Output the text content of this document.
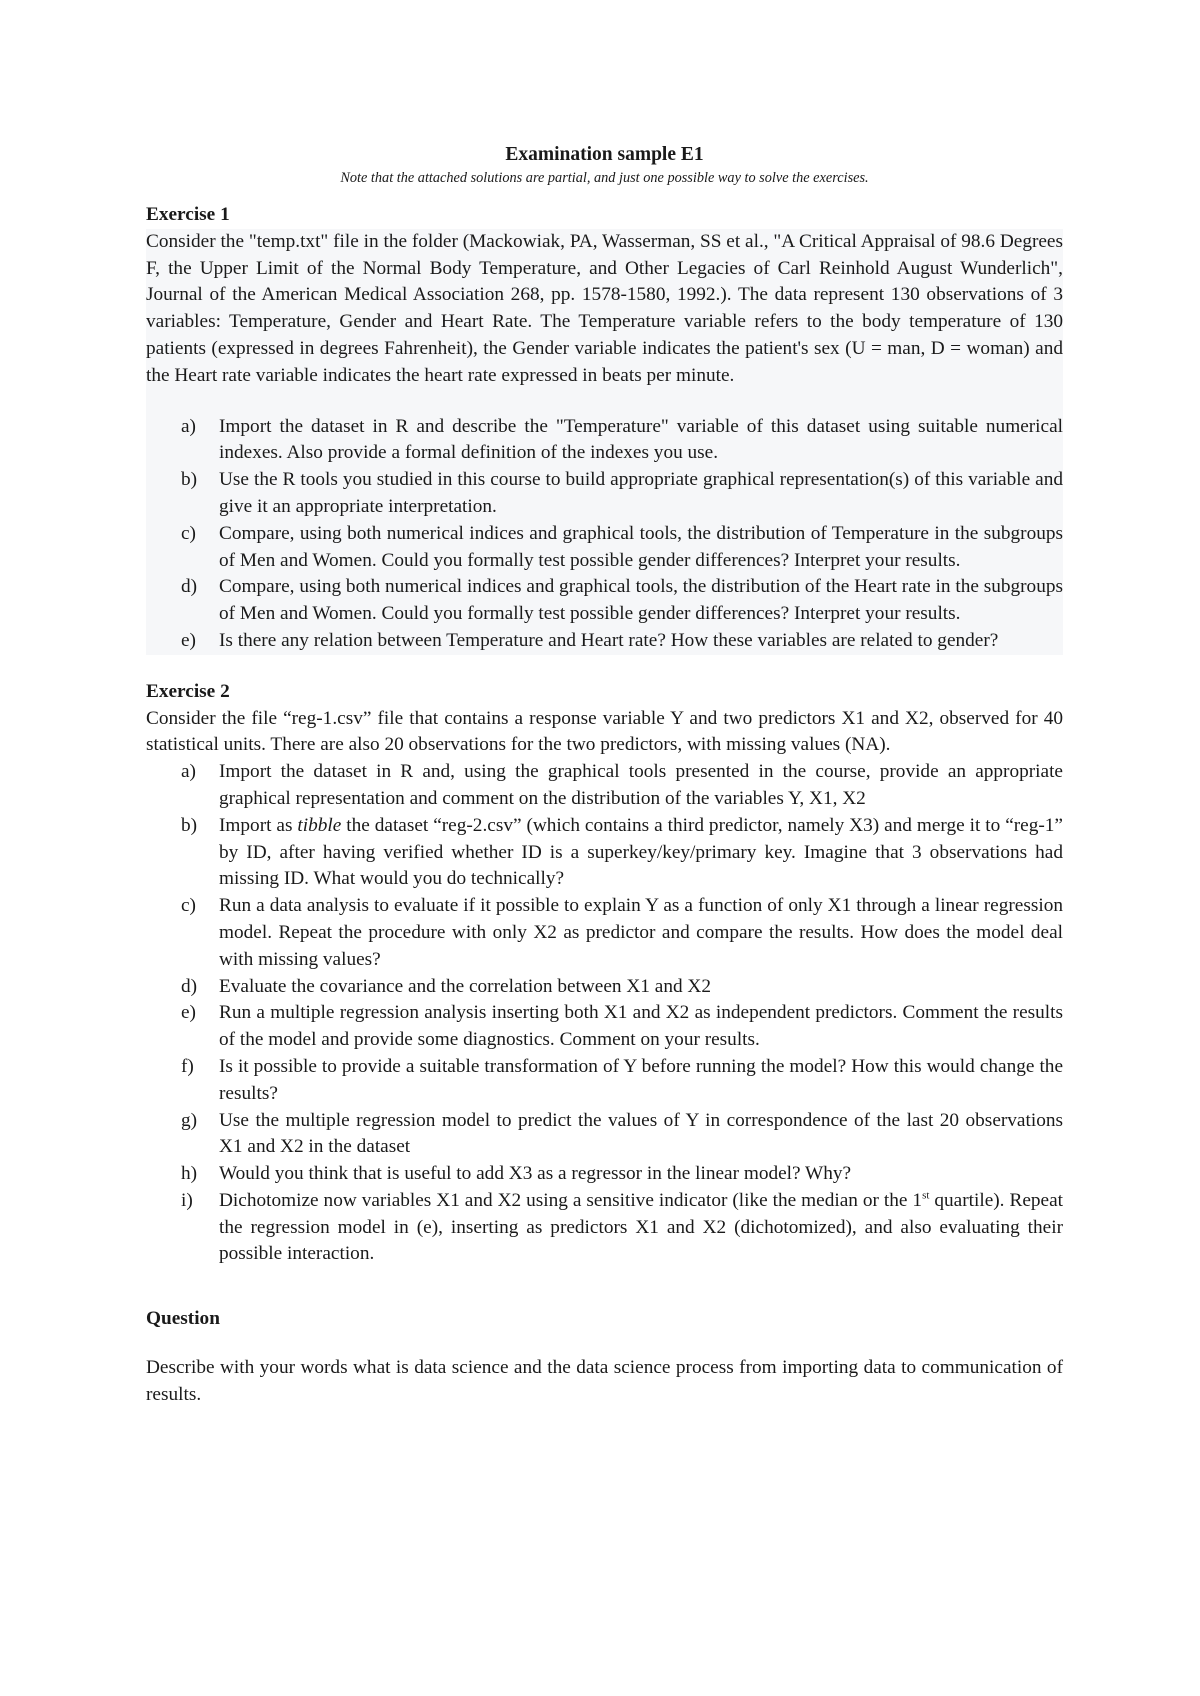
Examination sample E1
Note that the attached solutions are partial, and just one possible way to solve the exercises.
Exercise 1
Consider the "temp.txt" file in the folder (Mackowiak, PA, Wasserman, SS et al., "A Critical Appraisal of 98.6 Degrees F, the Upper Limit of the Normal Body Temperature, and Other Legacies of Carl Reinhold August Wunderlich", Journal of the American Medical Association 268, pp. 1578-1580, 1992.). The data represent 130 observations of 3 variables: Temperature, Gender and Heart Rate. The Temperature variable refers to the body temperature of 130 patients (expressed in degrees Fahrenheit), the Gender variable indicates the patient's sex (U = man, D = woman) and the Heart rate variable indicates the heart rate expressed in beats per minute.
a)	Import the dataset in R and describe the "Temperature" variable of this dataset using suitable numerical indexes. Also provide a formal definition of the indexes you use.
b)	Use the R tools you studied in this course to build appropriate graphical representation(s) of this variable and give it an appropriate interpretation.
c)	Compare, using both numerical indices and graphical tools, the distribution of Temperature in the subgroups of Men and Women. Could you formally test possible gender differences? Interpret your results.
d)	Compare, using both numerical indices and graphical tools, the distribution of the Heart rate in the subgroups of Men and Women. Could you formally test possible gender differences? Interpret your results.
e)	Is there any relation between Temperature and Heart rate? How these variables are related to gender?
Exercise 2
Consider the file “reg-1.csv” file that contains a response variable Y and two predictors X1 and X2, observed for 40 statistical units. There are also 20 observations for the two predictors, with missing values (NA).
a)	Import the dataset in R and, using the graphical tools presented in the course, provide an appropriate graphical representation and comment on the distribution of the variables Y, X1, X2
b)	Import as tibble the dataset “reg-2.csv” (which contains a third predictor, namely X3) and merge it to “reg-1” by ID, after having verified whether ID is a superkey/key/primary key. Imagine that 3 observations had missing ID. What would you do technically?
c)	Run a data analysis to evaluate if it possible to explain Y as a function of only X1 through a linear regression model. Repeat the procedure with only X2 as predictor and compare the results. How does the model deal with missing values?
d)	Evaluate the covariance and the correlation between X1 and X2
e)	Run a multiple regression analysis inserting both X1 and X2 as independent predictors. Comment the results of the model and provide some diagnostics. Comment on your results.
f)	Is it possible to provide a suitable transformation of Y before running the model? How this would change the results?
g)	Use the multiple regression model to predict the values of Y in correspondence of the last 20 observations X1 and X2 in the dataset
h)	Would you think that is useful to add X3 as a regressor in the linear model? Why?
i)	Dichotomize now variables X1 and X2 using a sensitive indicator (like the median or the 1st quartile). Repeat the regression model in (e), inserting as predictors X1 and X2 (dichotomized), and also evaluating their possible interaction.
Question
Describe with your words what is data science and the data science process from importing data to communication of results.
